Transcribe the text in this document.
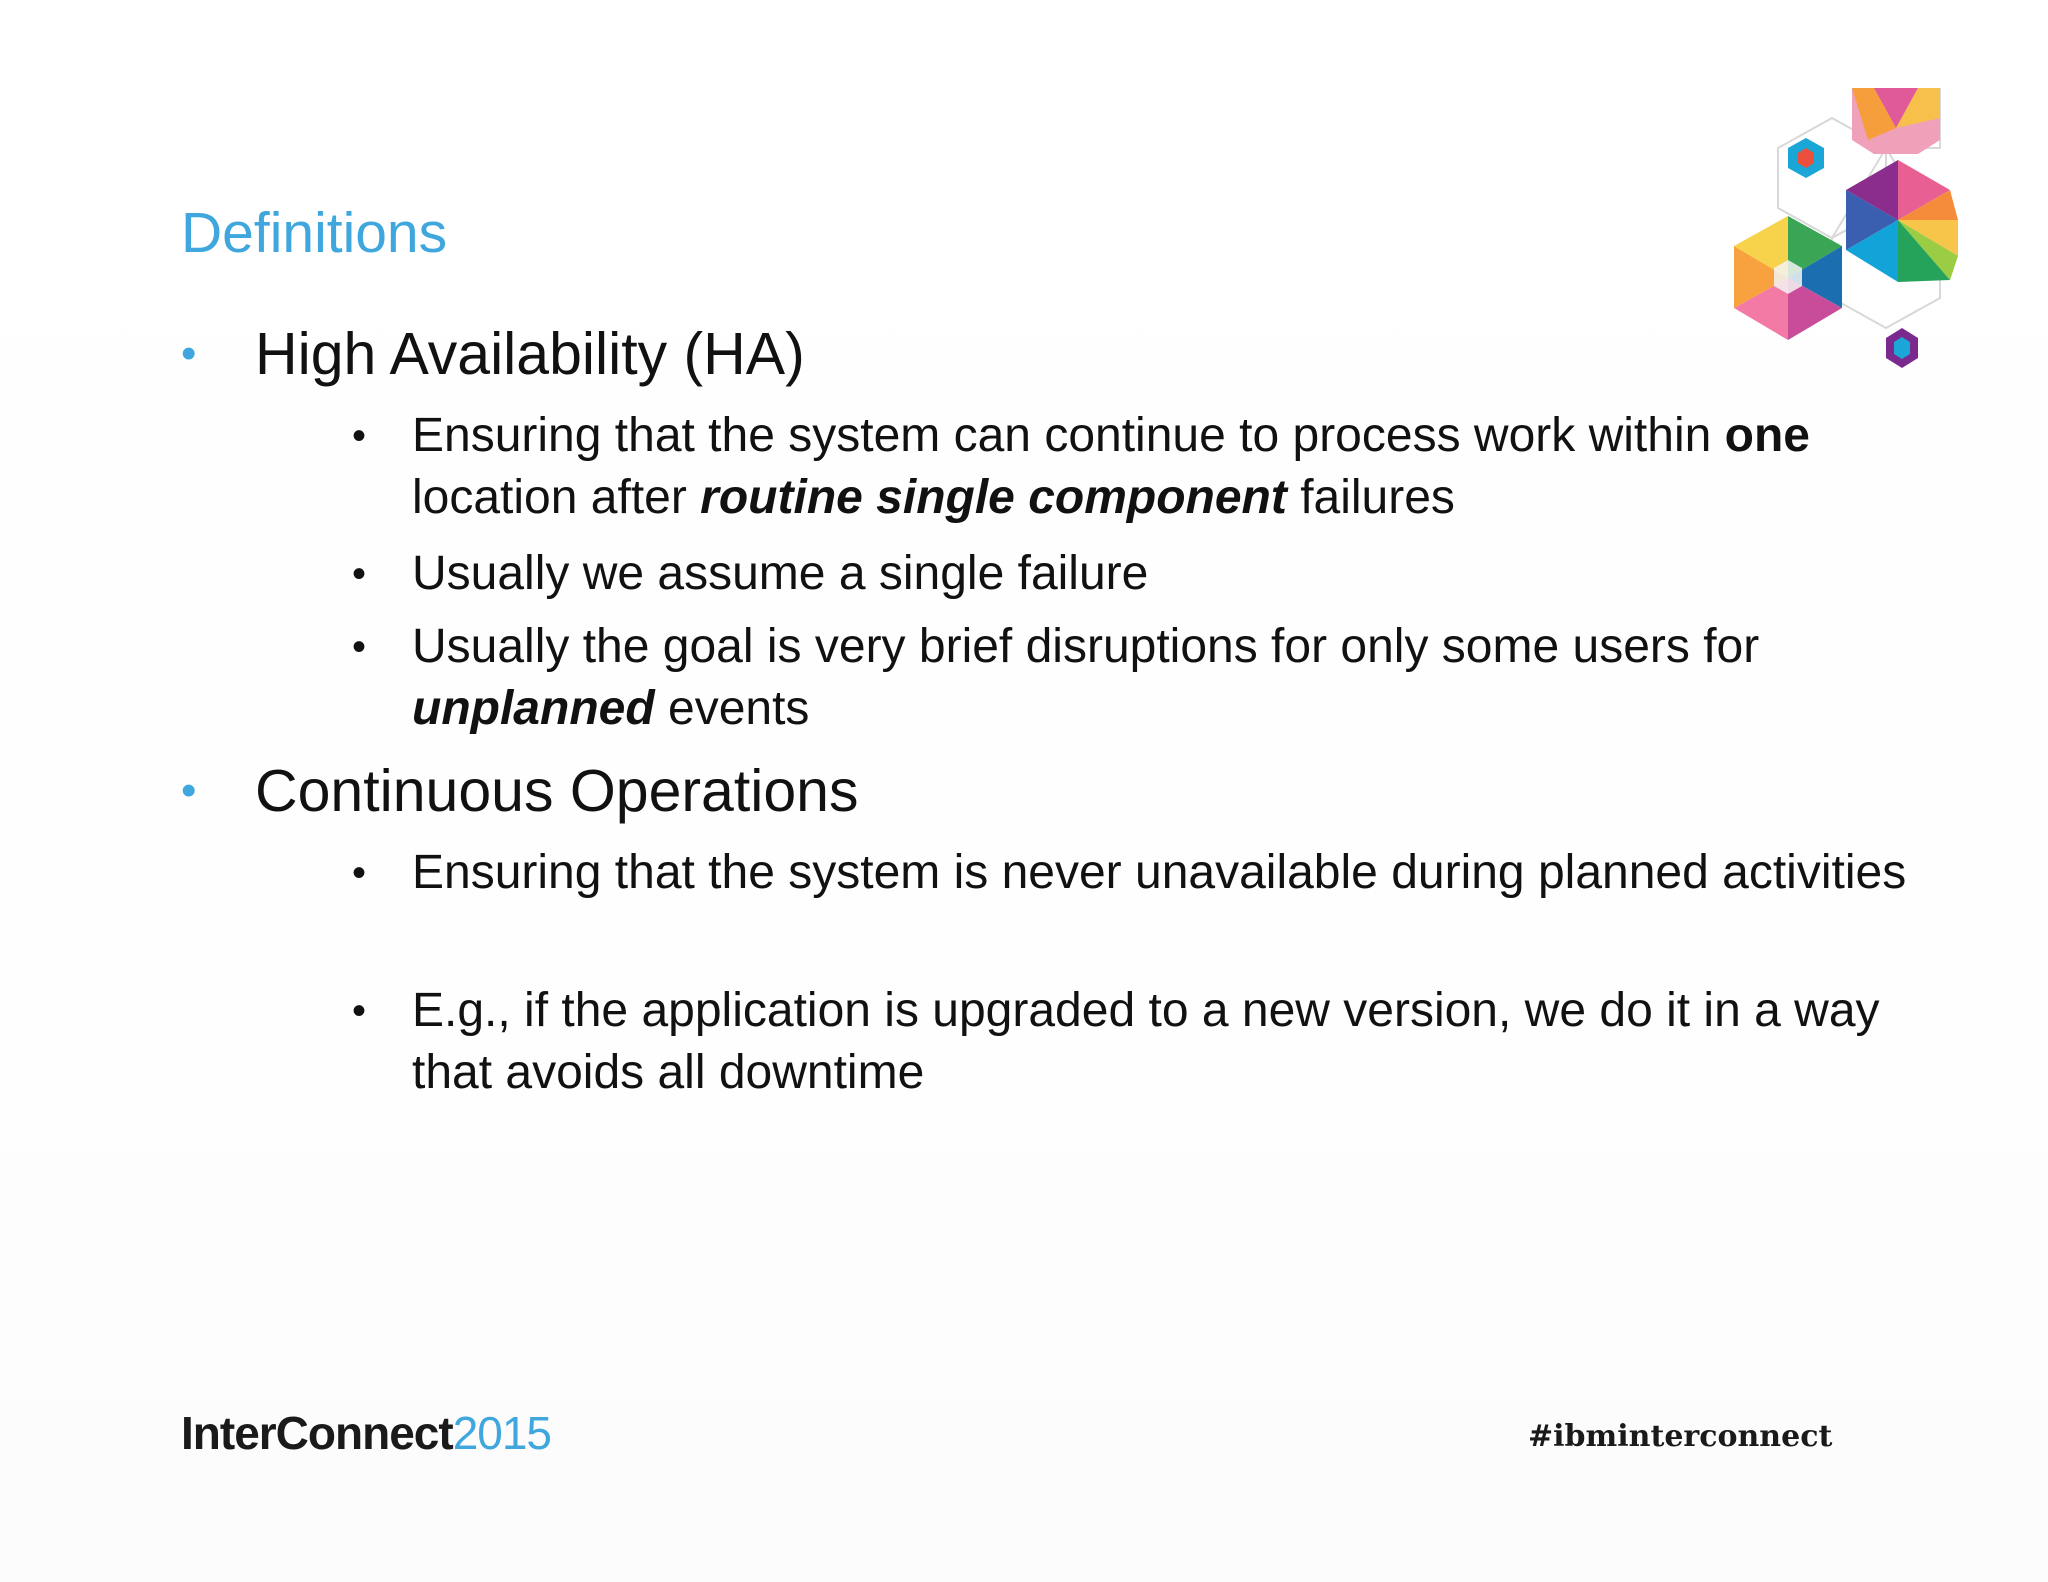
Definitions
• High Availability (HA)
• Ensuring that the system can continue to process work within one location after routine single component failures
• Usually we assume a single failure
• Usually the goal is very brief disruptions for only some users for unplanned events
• Continuous Operations
• Ensuring that the system is never unavailable during planned activities
• E.g., if the application is upgraded to a new version, we do it in a way that avoids all downtime
InterConnect2015	#ibminterconnect
